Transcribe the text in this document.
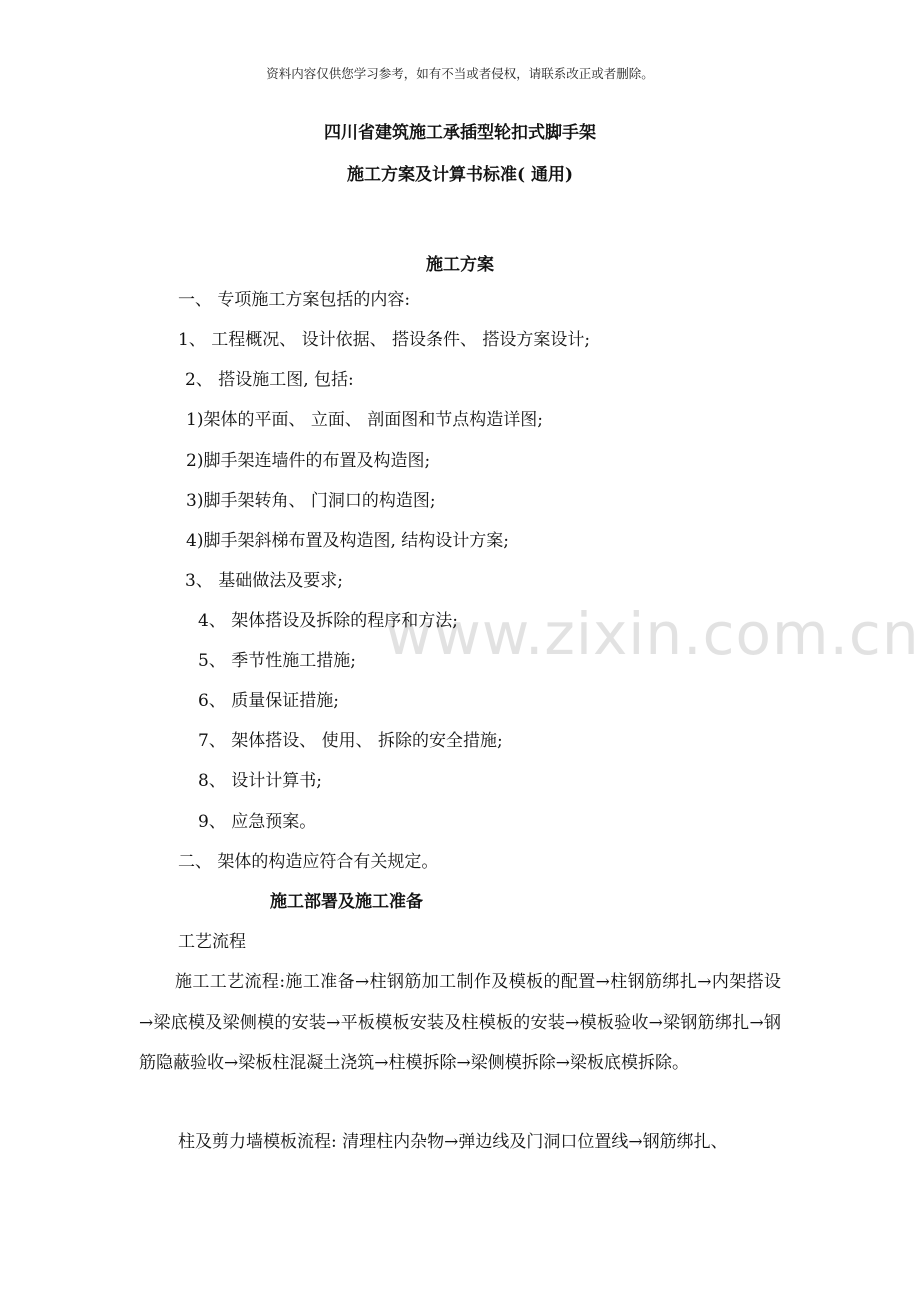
www.zixin.com.cn
资料内容仅供您学习参考，如有不当或者侵权，请联系改正或者删除。
四川省建筑施工承插型轮扣式脚手架
施工方案及计算书标准( 通用)
施工方案
一、 专项施工方案包括的内容:
1、 工程概况、 设计依据、 搭设条件、 搭设方案设计;
2、 搭设施工图, 包括:
1)架体的平面、 立面、 剖面图和节点构造详图;
2)脚手架连墙件的布置及构造图;
3)脚手架转角、 门洞口的构造图;
4)脚手架斜梯布置及构造图, 结构设计方案;
3、 基础做法及要求;
4、 架体搭设及拆除的程序和方法;
5、 季节性施工措施;
6、 质量保证措施;
7、 架体搭设、 使用、 拆除的安全措施;
8、 设计计算书;
9、 应急预案。
二、 架体的构造应符合有关规定。
施工部署及施工准备
工艺流程
施工工艺流程:施工准备→柱钢筋加工制作及模板的配置→柱钢筋绑扎→内架搭设→梁底模及梁侧模的安装→平板模板安装及柱模板的安装→模板验收→梁钢筋绑扎→钢筋隐蔽验收→梁板柱混凝土浇筑→柱模拆除→梁侧模拆除→梁板底模拆除。
柱及剪力墙模板流程: 清理柱内杂物→弹边线及门洞口位置线→钢筋绑扎、
